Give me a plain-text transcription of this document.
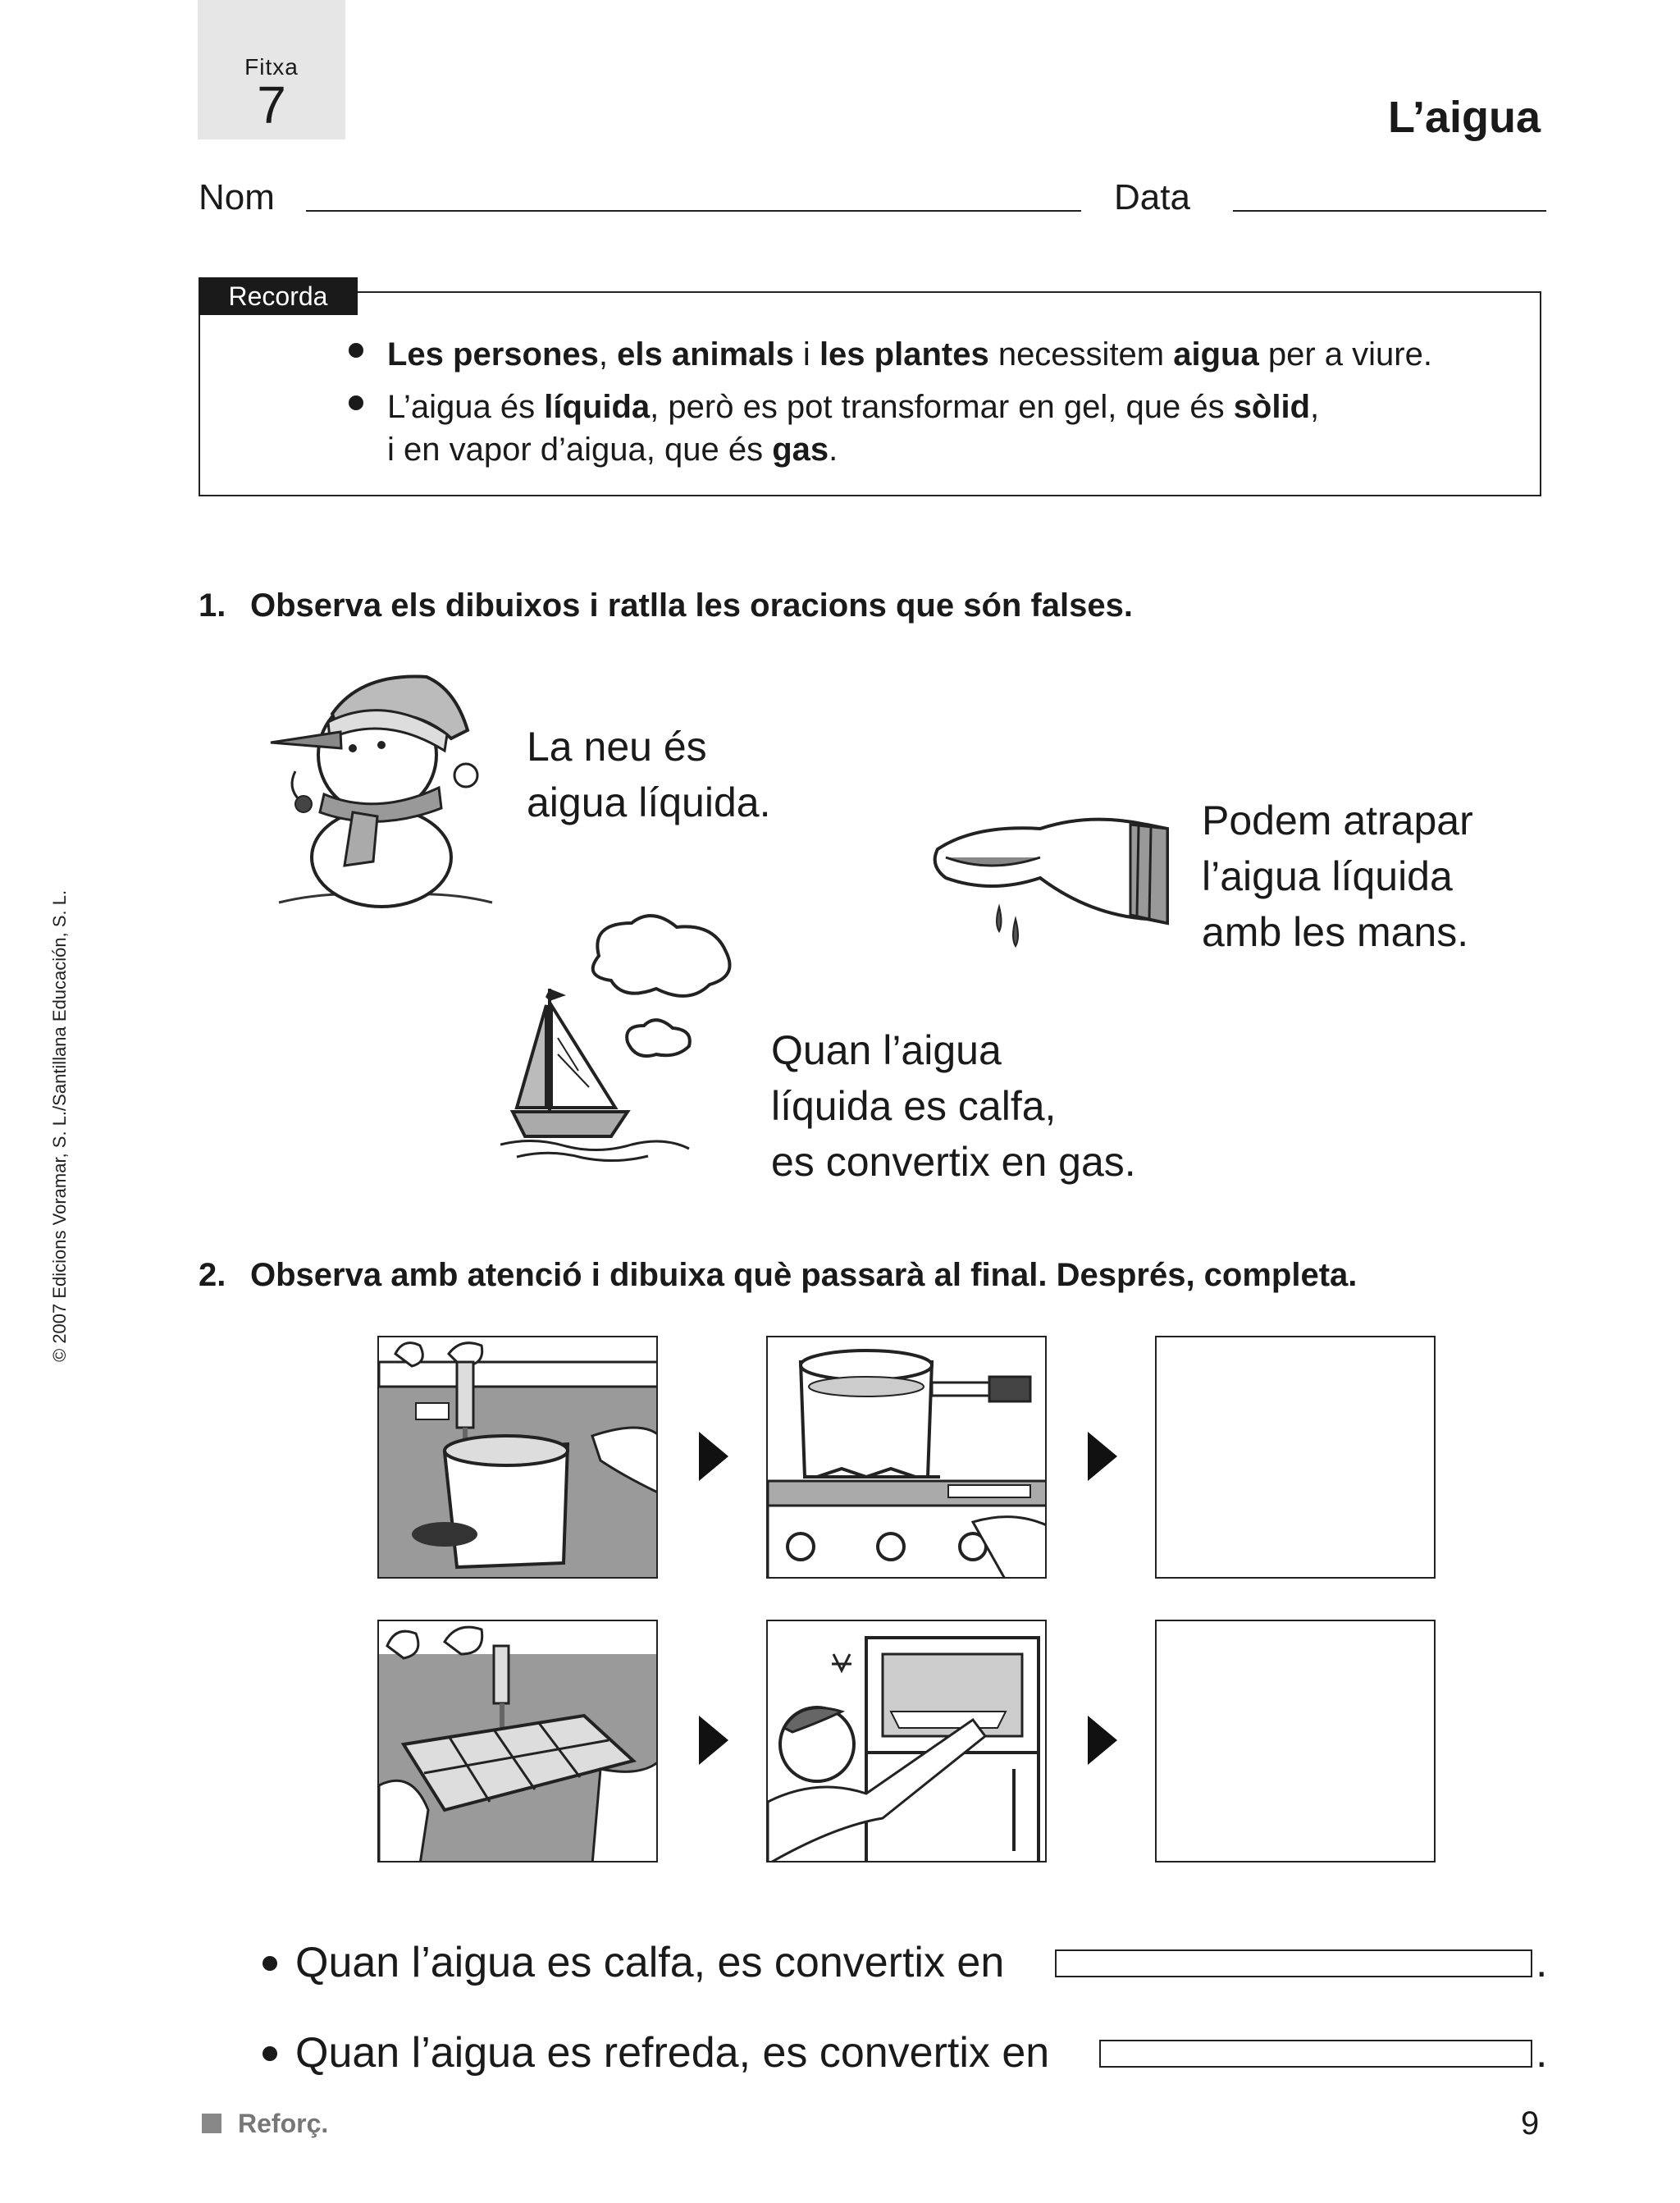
Fitxa
7	L’aigua
Nom	Data
Recorda
Les persones, els animals i les plantes necessitem aigua per a viure.
L’aigua és líquida, però es pot transformar en gel, que és sòlid,
i en vapor d’aigua, que és gas.
1. Observa els dibuixos i ratlla les oracions que són falses.
La neu és
aigua líquida.	Podem atrapar
l’aigua líquida
amb les mans.
Quan l’aigua
líquida es calfa,
es convertix en gas.
2. Observa amb atenció i dibuixa què passarà al final. Després, completa.
Quan l’aigua es calfa, es convertix en	.
Quan l’aigua es refreda, es convertix en	.
Reforç.	9
© 2007 Edicions Voramar, S. L./Santillana Educación, S. L.
